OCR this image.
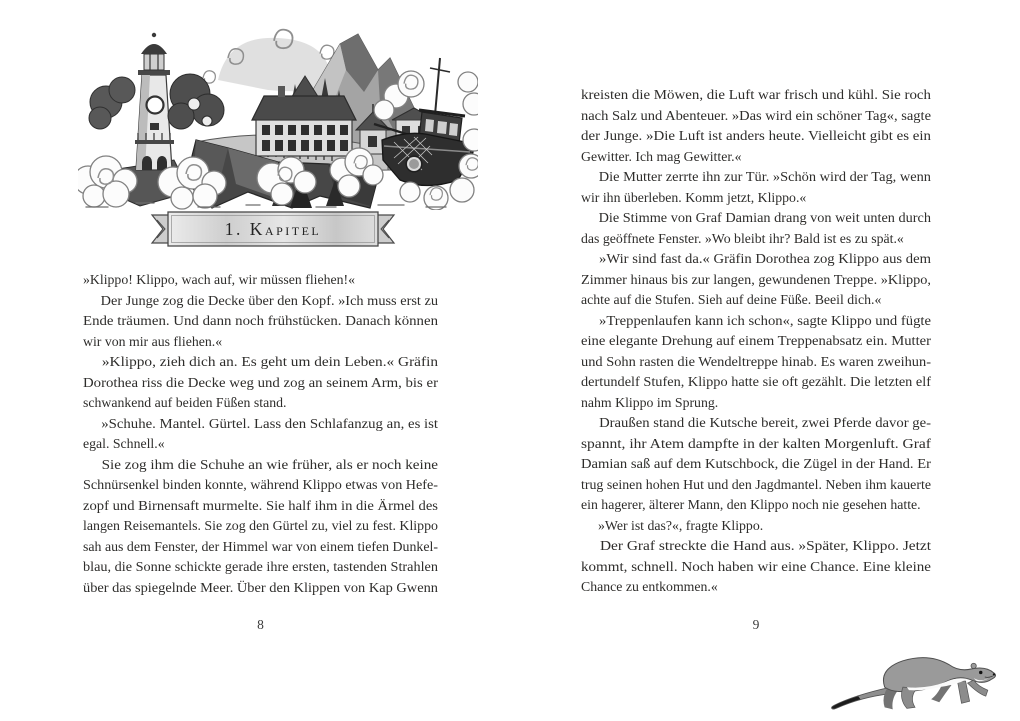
1. Kapitel
»Klippo! Klippo, wach auf, wir müssen fliehen!«
Der Junge zog die Decke über den Kopf. »Ich muss erst zu
Ende träumen. Und dann noch frühstücken. Danach können
wir von mir aus fliehen.«
»Klippo, zieh dich an. Es geht um dein Leben.« Gräfin
Dorothea riss die Decke weg und zog an seinem Arm, bis er
schwankend auf beiden Füßen stand.
»Schuhe. Mantel. Gürtel. Lass den Schlafanzug an, es ist
egal. Schnell.«
Sie zog ihm die Schuhe an wie früher, als er noch keine
Schnürsenkel binden konnte, während Klippo etwas von Hefe-
zopf und Birnensaft murmelte. Sie half ihm in die Ärmel des
langen Reisemantels. Sie zog den Gürtel zu, viel zu fest. Klippo
sah aus dem Fenster, der Himmel war von einem tiefen Dunkel-
blau, die Sonne schickte gerade ihre ersten, tastenden Strahlen
über das spiegelnde Meer. Über den Klippen von Kap Gwenn
8
kreisten die Möwen, die Luft war frisch und kühl. Sie roch
nach Salz und Abenteuer. »Das wird ein schöner Tag«, sagte
der Junge. »Die Luft ist anders heute. Vielleicht gibt es ein
Gewitter. Ich mag Gewitter.«
Die Mutter zerrte ihn zur Tür. »Schön wird der Tag, wenn
wir ihn überleben. Komm jetzt, Klippo.«
Die Stimme von Graf Damian drang von weit unten durch
das geöffnete Fenster. »Wo bleibt ihr? Bald ist es zu spät.«
»Wir sind fast da.« Gräfin Dorothea zog Klippo aus dem
Zimmer hinaus bis zur langen, gewundenen Treppe. »Klippo,
achte auf die Stufen. Sieh auf deine Füße. Beeil dich.«
»Treppenlaufen kann ich schon«, sagte Klippo und fügte
eine elegante Drehung auf einem Treppenabsatz ein. Mutter
und Sohn rasten die Wendeltreppe hinab. Es waren zweihun-
dertundelf Stufen, Klippo hatte sie oft gezählt. Die letzten elf
nahm Klippo im Sprung.
Draußen stand die Kutsche bereit, zwei Pferde davor ge-
spannt, ihr Atem dampfte in der kalten Morgenluft. Graf
Damian saß auf dem Kutschbock, die Zügel in der Hand. Er
trug seinen hohen Hut und den Jagdmantel. Neben ihm kauerte
ein hagerer, älterer Mann, den Klippo noch nie gesehen hatte.
»Wer ist das?«, fragte Klippo.
Der Graf streckte die Hand aus. »Später, Klippo. Jetzt
kommt, schnell. Noch haben wir eine Chance. Eine kleine
Chance zu entkommen.«
9
